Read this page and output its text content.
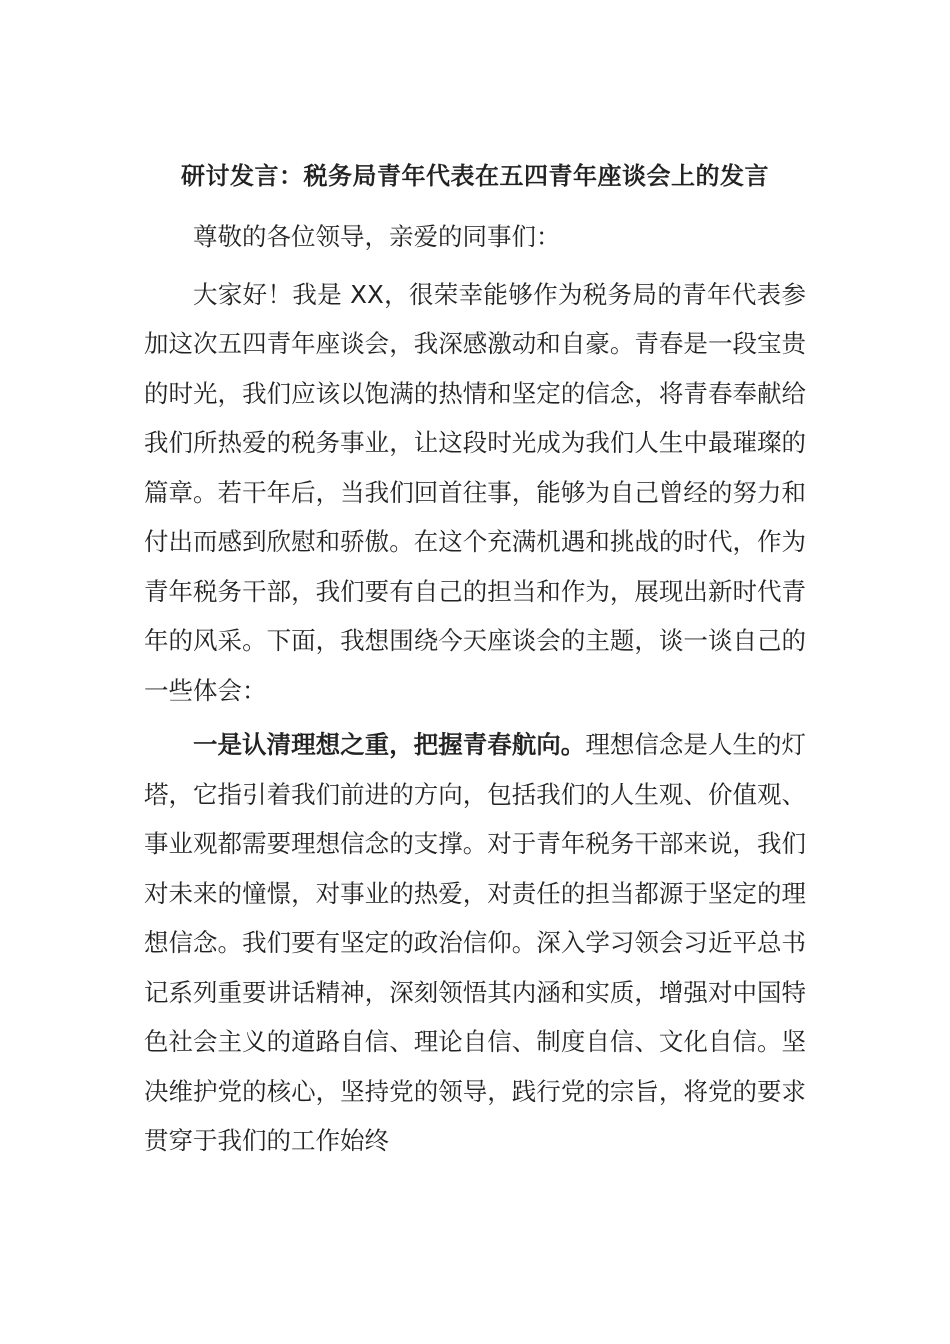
研讨发言：税务局青年代表在五四青年座谈会上的发言

尊敬的各位领导，亲爱的同事们：

大家好！我是 XX，很荣幸能够作为税务局的青年代表参加这次五四青年座谈会，我深感激动和自豪。青春是一段宝贵的时光，我们应该以饱满的热情和坚定的信念，将青春奉献给我们所热爱的税务事业，让这段时光成为我们人生中最璀璨的篇章。若干年后，当我们回首往事，能够为自己曾经的努力和付出而感到欣慰和骄傲。在这个充满机遇和挑战的时代，作为青年税务干部，我们要有自己的担当和作为，展现出新时代青年的风采。下面，我想围绕今天座谈会的主题，谈一谈自己的一些体会：

一是认清理想之重，把握青春航向。理想信念是人生的灯塔，它指引着我们前进的方向，包括我们的人生观、价值观、事业观都需要理想信念的支撑。对于青年税务干部来说，我们对未来的憧憬，对事业的热爱，对责任的担当都源于坚定的理想信念。我们要有坚定的政治信仰。深入学习领会习近平总书记系列重要讲话精神，深刻领悟其内涵和实质，增强对中国特色社会主义的道路自信、理论自信、制度自信、文化自信。坚决维护党的核心，坚持党的领导，践行党的宗旨，将党的要求贯穿于我们的工作始终
